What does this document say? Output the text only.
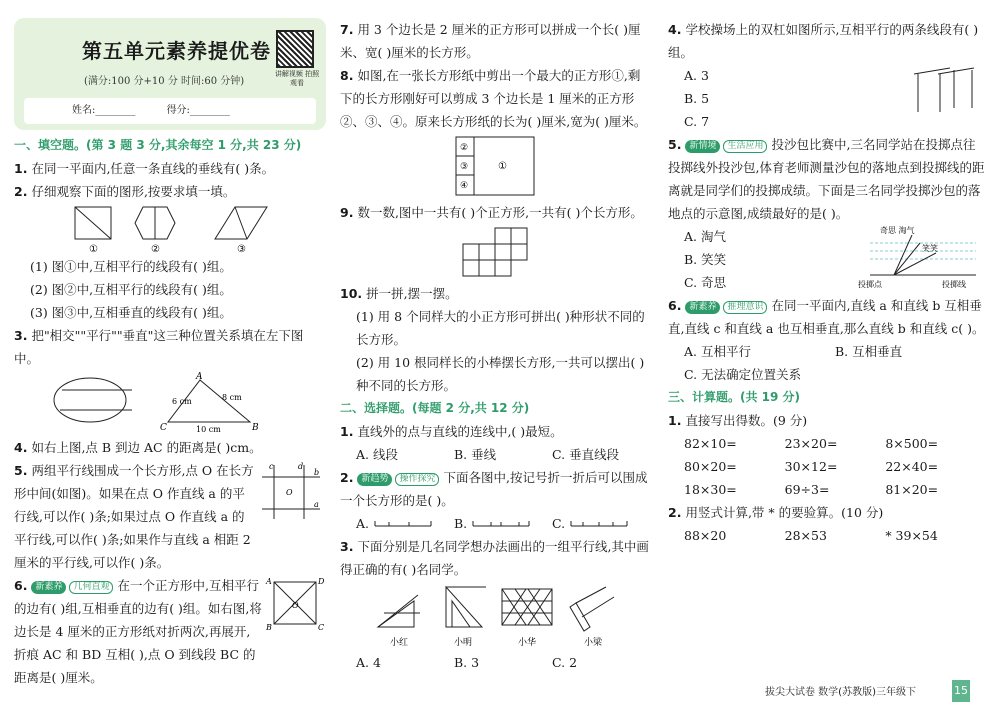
第五单元素养提优卷
(满分:100 分+10 分 时间:60 分钟)
讲解视频 拍照观看
姓名:________	得分:________
一、填空题。(第 3 题 3 分,其余每空 1 分,共 23 分)

1. 在同一平面内,任意一条直线的垂线有( )条。

2. 仔细观察下面的图形,按要求填一填。

①	②	③
(1) 图①中,互相平行的线段有( )组。
(2) 图②中,互相平行的线段有( )组。
(3) 图③中,互相垂直的线段有( )组。

3. 把"相交""平行""垂直"这三种位置关系填在左下图中。

A
C	B
6 cm	8 cm
10 cm

4. 如右上图,点 B 到边 AC 的距离是( )cm。

c	d
b
a
O

5. 两组平行线围成一个长方形,点 O 在长方形中间(如图)。如果在点 O 作直线 a 的平行线,可以作( )条;如果过点 O 作直线 a 的平行线,可以作( )条;如果作与直线 a 相距 2 厘米的平行线,可以作( )条。

A	D
B	C
O

6. 新素养 几何直观 在一个正方形中,互相平行的边有( )组,互相垂直的边有( )组。如右图,将边长是 4 厘米的正方形纸对折两次,再展开,折痕 AC 和 BD 互相( ),点 O 到线段 BC 的距离是( )厘米。

7. 用 3 个边长是 2 厘米的正方形可以拼成一个长( )厘米、宽( )厘米的长方形。

8. 如图,在一张长方形纸中剪出一个最大的正方形①,剩下的长方形刚好可以剪成 3 个边长是 1 厘米的正方形②、③、④。原来长方形纸的长为( )厘米,宽为( )厘米。

②
③
④
①

9. 数一数,图中一共有( )个正方形,一共有( )个长方形。

10. 拼一拼,摆一摆。

(1) 用 8 个同样大的小正方形可拼出( )种形状不同的长方形。
(2) 用 10 根同样长的小棒摆长方形,一共可以摆出( )种不同的长方形。
二、选择题。(每题 2 分,共 12 分)

1. 直线外的点与直线的连线中,( )最短。

A. 线段	B. 垂线	C. 垂直线段

2. 新趋势 操作探究 下面各图中,按记号折一折后可以围成一个长方形的是( )。

A.	B.	C.

3. 下面分别是几名同学想办法画出的一组平行线,其中画得正确的有( )名同学。

小红	小明	小华	小梁
A. 4	B. 3	C. 2

4. 学校操场上的双杠如图所示,互相平行的两条线段有( )组。

A. 3
B. 5
C. 7

5. 新情境 生活应用 投沙包比赛中,三名同学站在投掷点往投掷线外投沙包,体育老师测量沙包的落地点到投掷线的距离就是同学们的投掷成绩。下面是三名同学投掷沙包的落地点的示意图,成绩最好的是( )。

A. 淘气
B. 笑笑
C. 奇思
奇思 淘气
笑笑
投掷点	投掷线

6. 新素养 推理意识 在同一平面内,直线 a 和直线 b 互相垂直,直线 c 和直线 a 也互相垂直,那么直线 b 和直线 c( )。

A. 互相平行	B. 互相垂直
C. 无法确定位置关系
三、计算题。(共 19 分)

1. 直接写出得数。(9 分)

82×10=	23×20=	8×500=
80×20=	30×12=	22×40=
18×30=	69÷3=	81×20=

2. 用竖式计算,带 * 的要验算。(10 分)

88×20	28×53	* 39×54
拔尖大试卷 数学(苏教版)三年级下	15
